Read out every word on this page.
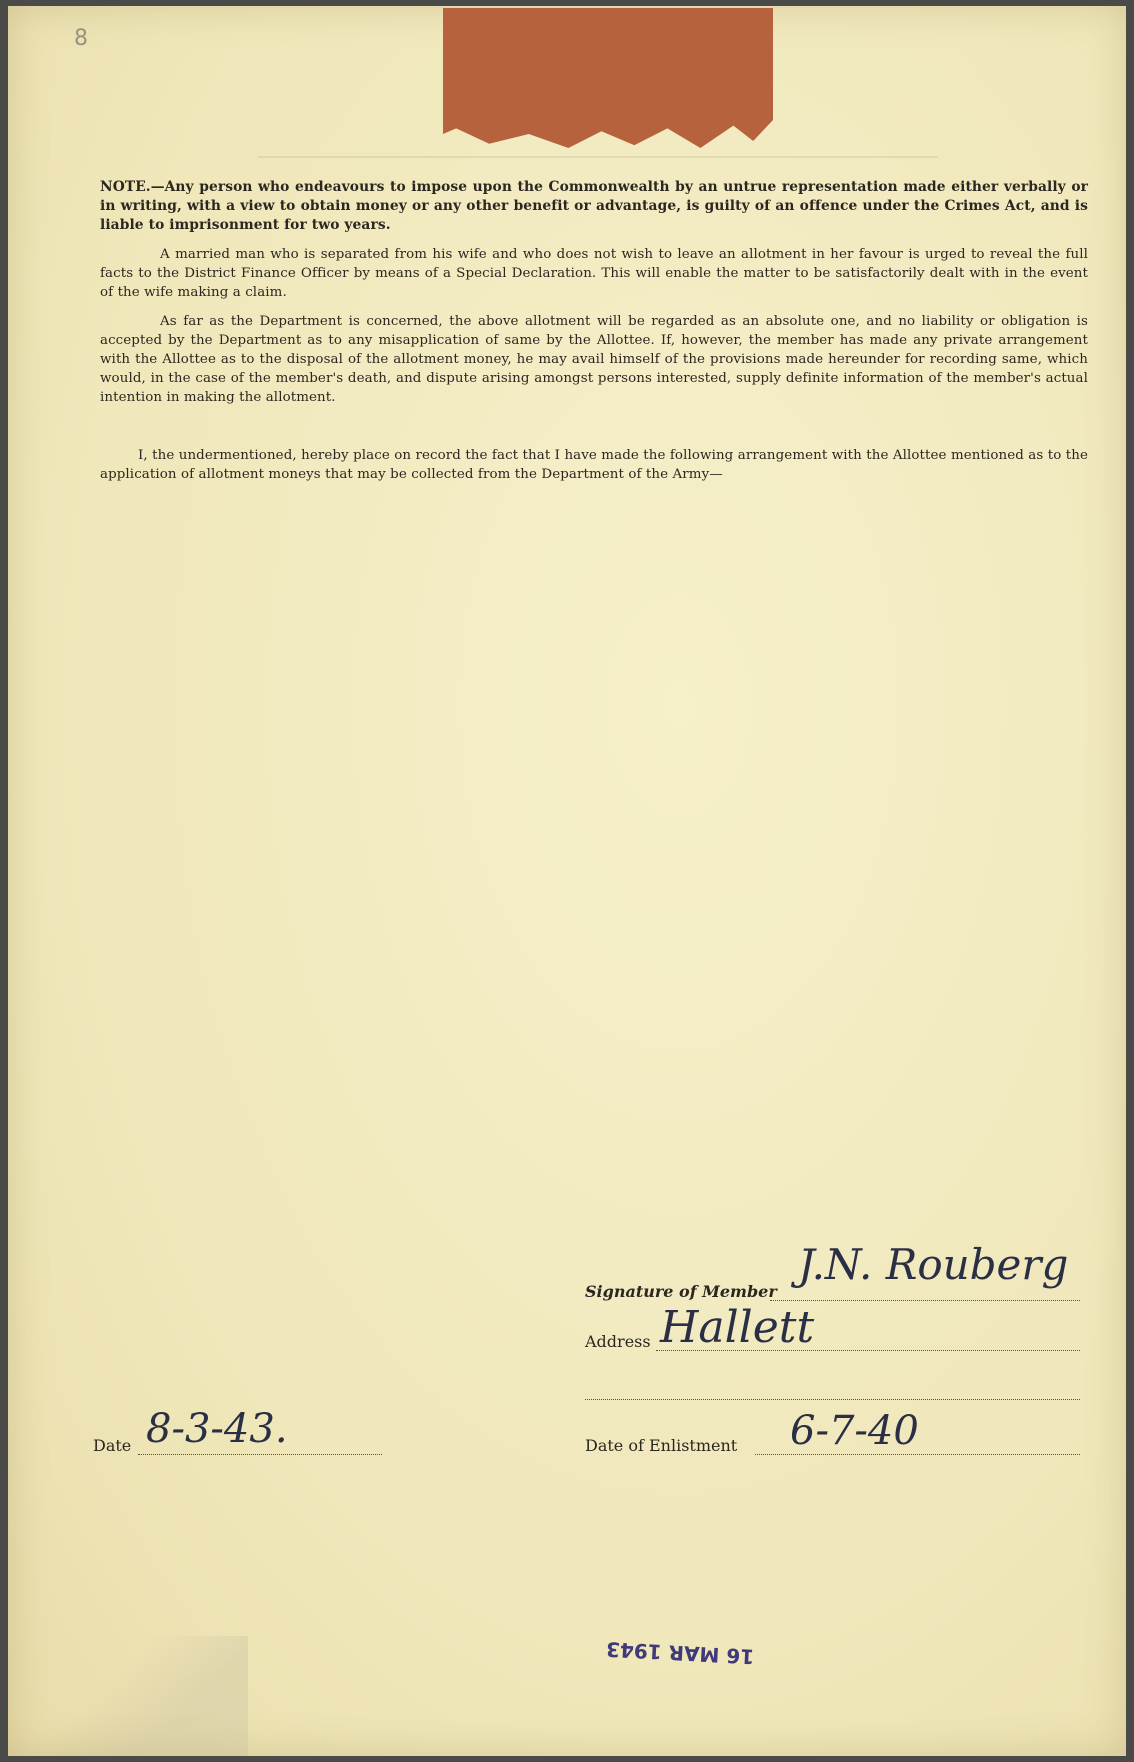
8
NOTE.—Any person who endeavours to impose upon the Commonwealth by an untrue representation made either verbally or in writing, with a view to obtain money or any other benefit or advantage, is guilty of an offence under the Crimes Act, and is liable to imprisonment for two years.
A married man who is separated from his wife and who does not wish to leave an allotment in her favour is urged to reveal the full facts to the District Finance Officer by means of a Special Declaration. This will enable the matter to be satisfactorily dealt with in the event of the wife making a claim.
As far as the Department is concerned, the above allotment will be regarded as an absolute one, and no liability or obligation is accepted by the Department as to any misapplication of same by the Allottee. If, however, the member has made any private arrangement with the Allottee as to the disposal of the allotment money, he may avail himself of the provisions made hereunder for recording same, which would, in the case of the member's death, and dispute arising amongst persons interested, supply definite information of the member's actual intention in making the allotment.
I, the undermentioned, hereby place on record the fact that I have made the following arrangement with the Allottee mentioned as to the application of allotment moneys that may be collected from the Department of the Army—
Signature of Member
J.N. Rouberg
Address Hallett
Date 8-3-43.	Date of Enlistment 6-7-40
16 MAR 1943
